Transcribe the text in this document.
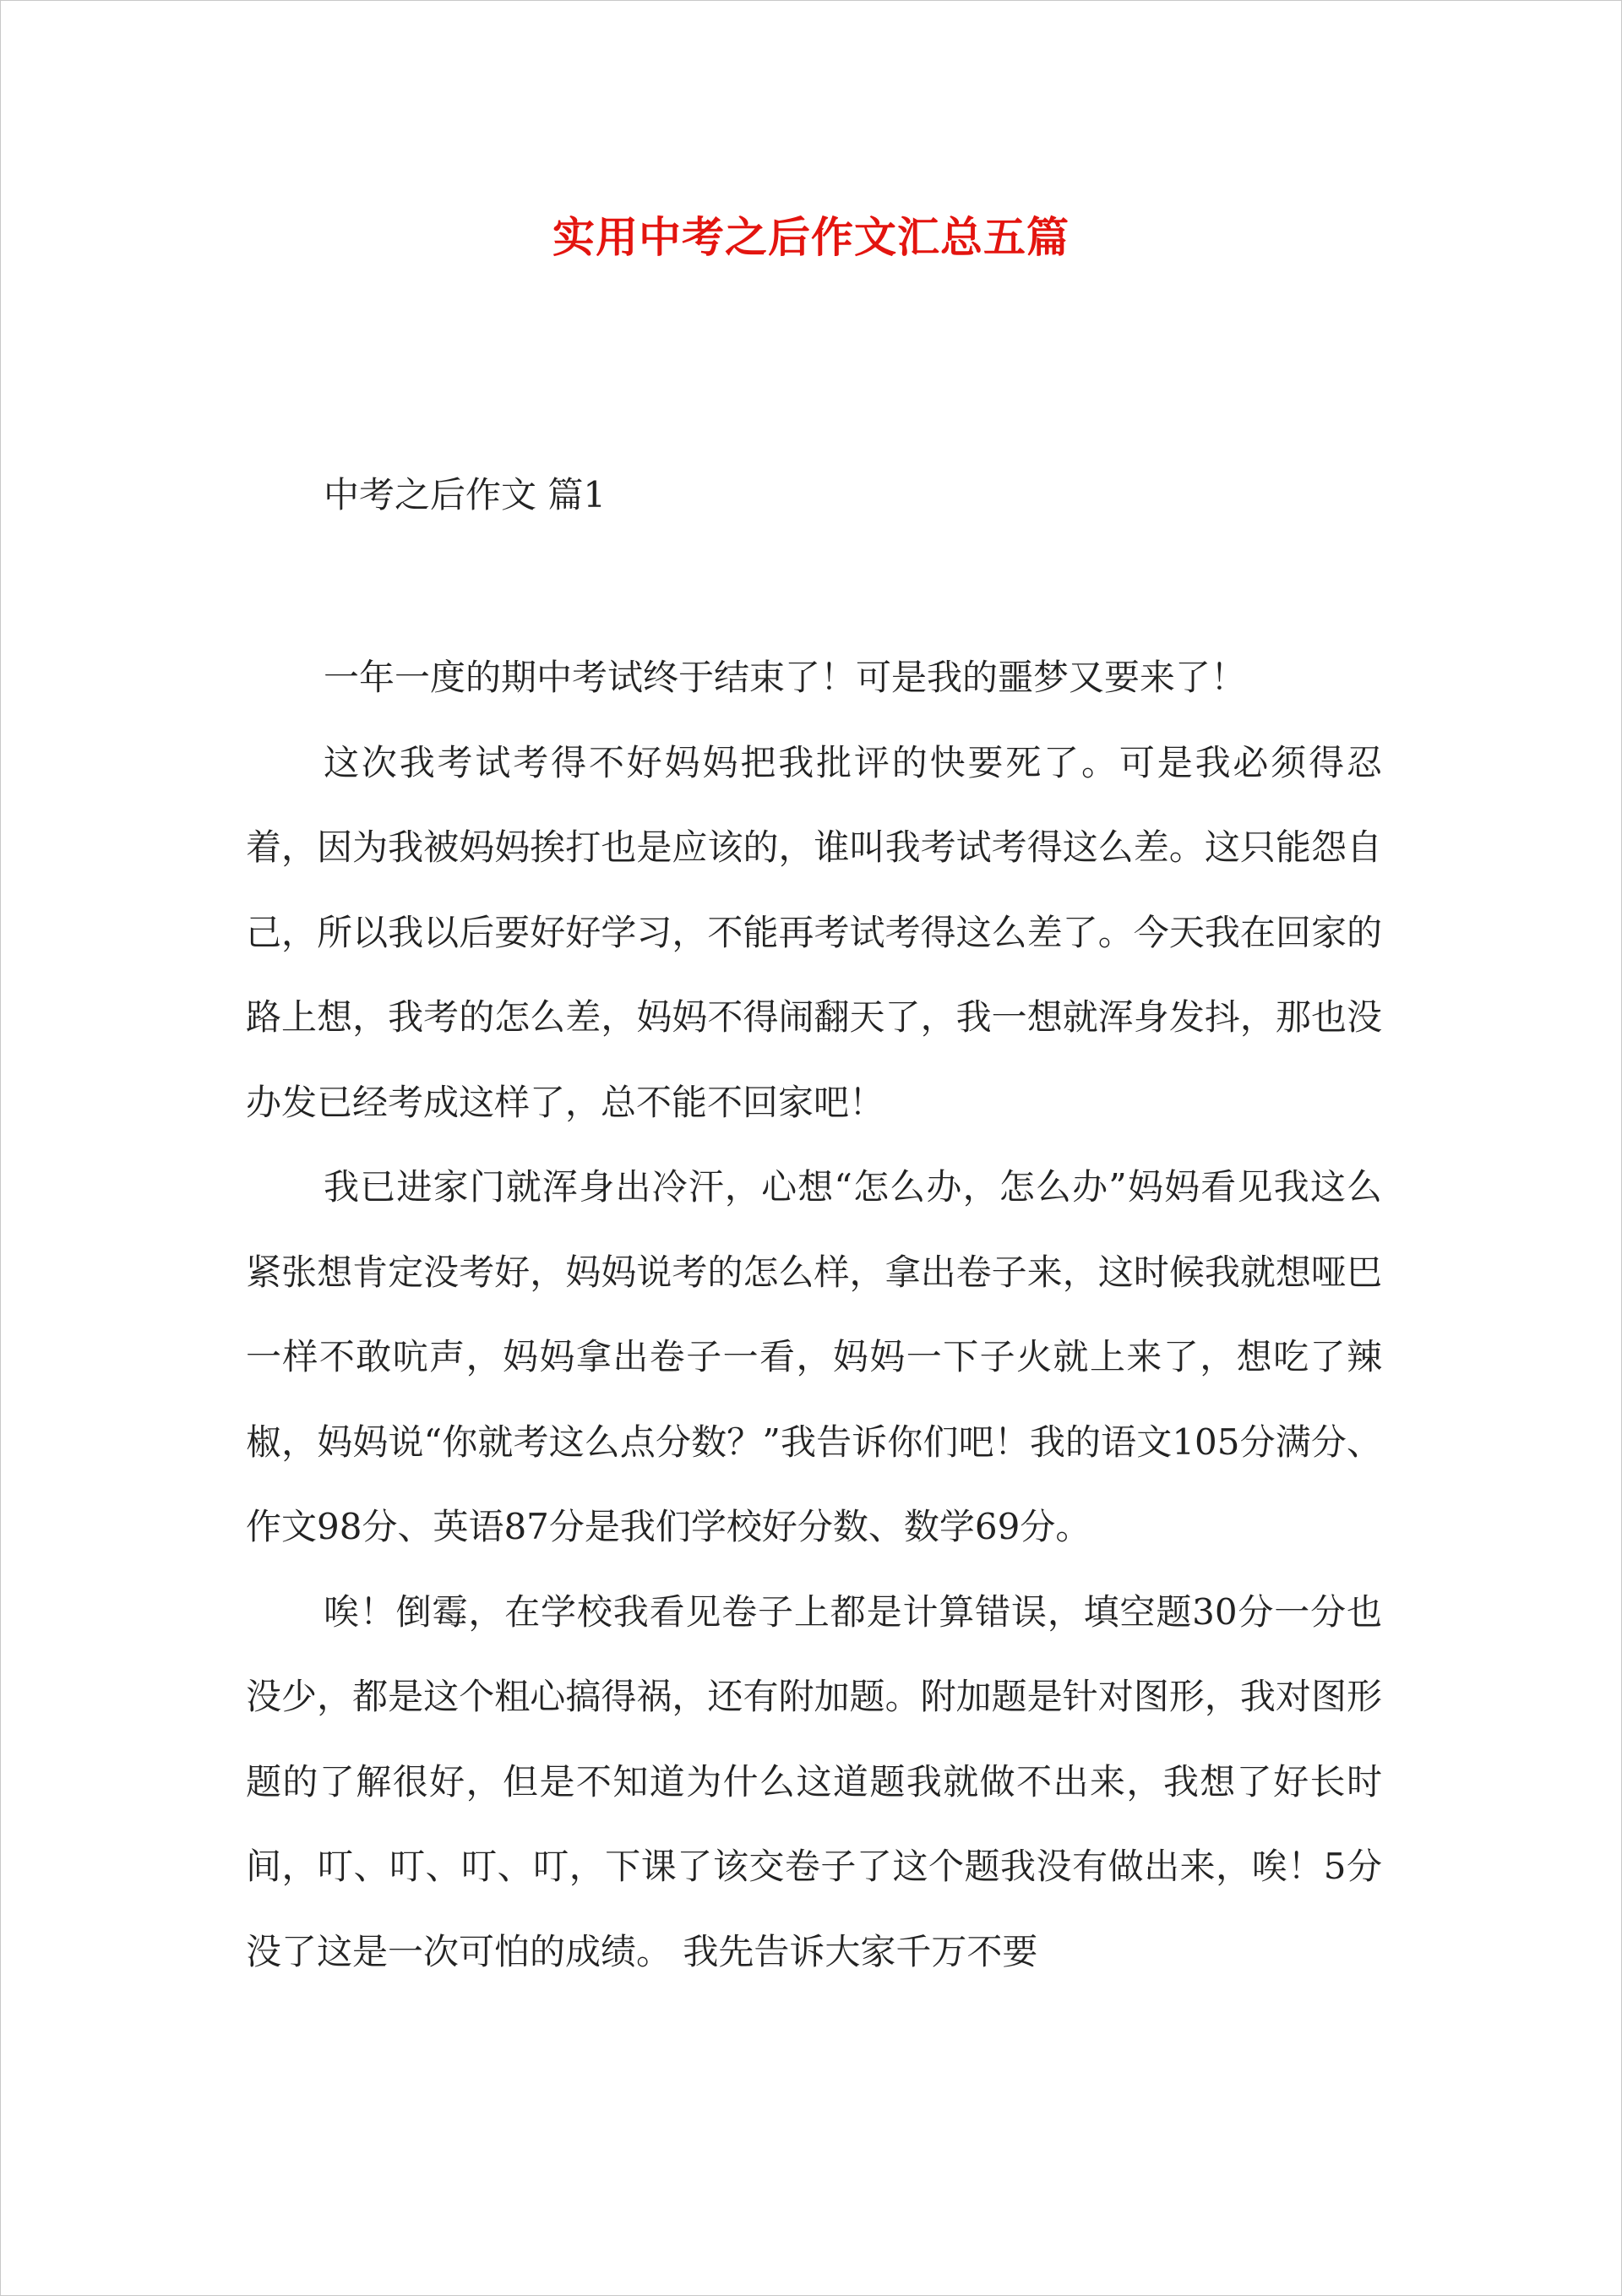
实用中考之后作文汇总五篇
中考之后作文 篇1

一年一度的期中考试终于结束了！可是我的噩梦又要来了！

这次我考试考得不好妈妈把我批评的快要死了。可是我必须得忍着，因为我被妈妈挨打也是应该的，谁叫我考试考得这么差。这只能怨自己，所以我以后要好好学习，不能再考试考得这么差了。今天我在回家的路上想，我考的怎么差，妈妈不得闹翻天了，我一想就浑身发抖，那也没办发已经考成这样了，总不能不回家吧！

我已进家门就浑身出冷汗，心想“怎么办，怎么办”妈妈看见我这么紧张想肯定没考好，妈妈说考的怎么样，拿出卷子来，这时候我就想哑巴一样不敢吭声，妈妈拿出卷子一看，妈妈一下子火就上来了，想吃了辣椒，妈妈说“你就考这么点分数？”我告诉你们吧！我的语文105分满分、作文98分、英语87分是我们学校好分数、数学69分。

唉！倒霉，在学校我看见卷子上都是计算错误，填空题30分一分也没少，都是这个粗心搞得祸，还有附加题。附加题是针对图形，我对图形题的了解很好，但是不知道为什么这道题我就做不出来，我想了好长时间，叮、叮、叮、叮，下课了该交卷子了这个题我没有做出来，唉！5分没了这是一次可怕的成绩。 我先告诉大家千万不要
